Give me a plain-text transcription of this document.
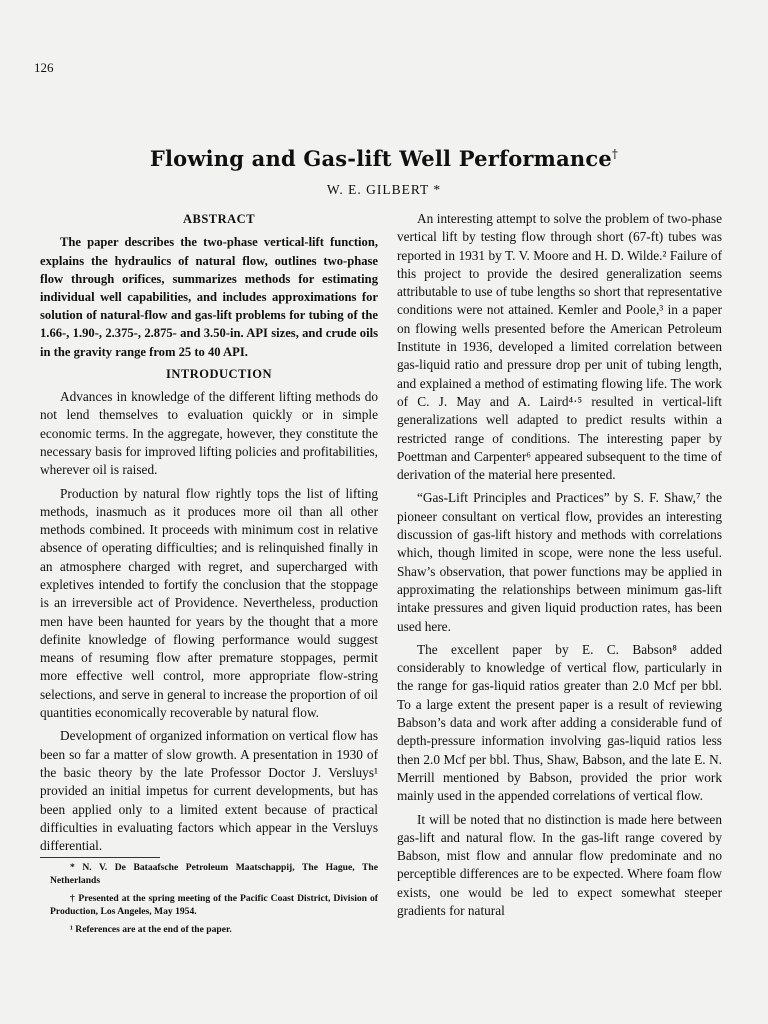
126
Flowing and Gas-lift Well Performance†
W. E. GILBERT *

ABSTRACT

The paper describes the two-phase vertical-lift function, explains the hydraulics of natural flow, outlines two-phase flow through orifices, summarizes methods for estimating individual well capabilities, and includes approximations for solution of natural-flow and gas-lift problems for tubing of the 1.66-, 1.90-, 2.375-, 2.875- and 3.50-in. API sizes, and crude oils in the gravity range from 25 to 40 API.

INTRODUCTION

Advances in knowledge of the different lifting methods do not lend themselves to evaluation quickly or in simple economic terms. In the aggregate, however, they constitute the necessary basis for improved lifting policies and profitabilities, wherever oil is raised.

Production by natural flow rightly tops the list of lifting methods, inasmuch as it produces more oil than all other methods combined. It proceeds with minimum cost in relative absence of operating difficulties; and is relinquished finally in an atmosphere charged with regret, and supercharged with expletives intended to fortify the conclusion that the stoppage is an irreversible act of Providence. Nevertheless, production men have been haunted for years by the thought that a more definite knowledge of flowing performance would suggest means of resuming flow after premature stoppages, permit more effective well control, more appropriate flow-string selections, and serve in general to increase the proportion of oil quantities economically recoverable by natural flow.

Development of organized information on vertical flow has been so far a matter of slow growth. A presentation in 1930 of the basic theory by the late Professor Doctor J. Versluys¹ provided an initial impetus for current developments, but has been applied only to a limited extent because of practical difficulties in evaluating factors which appear in the Versluys differential.

* N. V. De Bataafsche Petroleum Maatschappij, The Hague, The Netherlands

† Presented at the spring meeting of the Pacific Coast District, Division of Production, Los Angeles, May 1954.

¹ References are at the end of the paper.

An interesting attempt to solve the problem of two-phase vertical lift by testing flow through short (67-ft) tubes was reported in 1931 by T. V. Moore and H. D. Wilde.² Failure of this project to provide the desired generalization seems attributable to use of tube lengths so short that representative conditions were not attained. Kemler and Poole,³ in a paper on flowing wells presented before the American Petroleum Institute in 1936, developed a limited correlation between gas-liquid ratio and pressure drop per unit of tubing length, and explained a method of estimating flowing life. The work of C. J. May and A. Laird⁴·⁵ resulted in vertical-lift generalizations well adapted to predict results within a restricted range of conditions. The interesting paper by Poettman and Carpenter⁶ appeared subsequent to the time of derivation of the material here presented.

“Gas-Lift Principles and Practices” by S. F. Shaw,⁷ the pioneer consultant on vertical flow, provides an interesting discussion of gas-lift history and methods with correlations which, though limited in scope, were none the less useful. Shaw’s observation, that power functions may be applied in approximating the relationships between minimum gas-lift intake pressures and given liquid production rates, has been used here.

The excellent paper by E. C. Babson⁸ added considerably to knowledge of vertical flow, particularly in the range for gas-liquid ratios greater than 2.0 Mcf per bbl. To a large extent the present paper is a result of reviewing Babson’s data and work after adding a considerable fund of depth-pressure information involving gas-liquid ratios less then 2.0 Mcf per bbl. Thus, Shaw, Babson, and the late E. N. Merrill mentioned by Babson, provided the prior work mainly used in the appended correlations of vertical flow.

It will be noted that no distinction is made here between gas-lift and natural flow. In the gas-lift range covered by Babson, mist flow and annular flow predominate and no perceptible differences are to be expected. Where foam flow exists, one would be led to expect somewhat steeper gradients for natural
